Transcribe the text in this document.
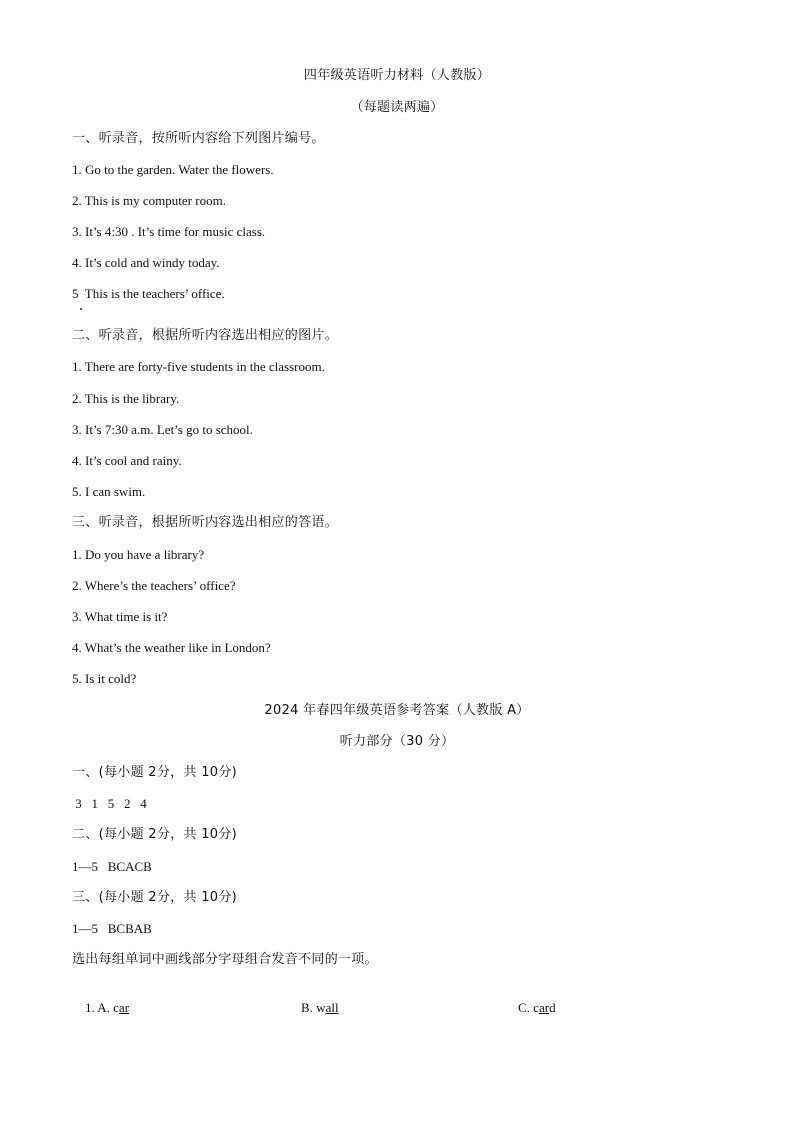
四年级英语听力材料（人教版）
（每题读两遍）
一、听录音，按所听内容给下列图片编号。
1. Go to the garden. Water the flowers.
2. This is my computer room.
3. It’s 4:30 . It’s time for music class.
4. It’s cold and windy today.
5  This is the teachers’ office.
二、听录音，根据所听内容选出相应的图片。
1. There are forty-five students in the classroom.
2. This is the library.
3. It’s 7:30 a.m. Let’s go to school.
4. It’s cool and rainy.
5. I can swim.
三、听录音，根据所听内容选出相应的答语。
1. Do you have a library?
2. Where’s the teachers’ office?
3. What time is it?
4. What’s the weather like in London?
5. Is it cold?
2024 年春四年级英语参考答案（人教版 A）
听力部分（30 分）
一、(每小题 2分，共 10分)
3   1   5   2   4
二、(每小题 2分，共 10分)
1—5   BCACB
三、(每小题 2分，共 10分)
1—5   BCBAB
选出每组单词中画线部分字母组合发音不同的一项。

1. A. car
	B. wall
	C. card
